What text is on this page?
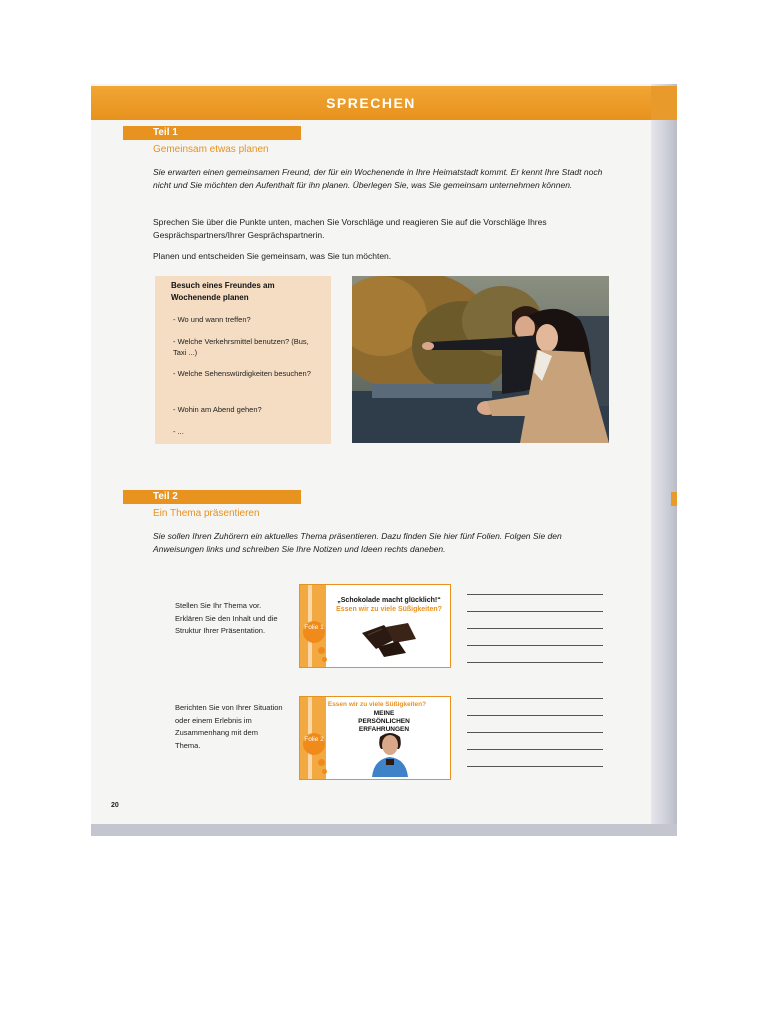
SPRECHEN
Teil 1
Gemeinsam etwas planen

Sie erwarten einen gemeinsamen Freund, der für ein Wochenende in Ihre Heimatstadt kommt. Er kennt Ihre Stadt noch nicht und Sie möchten den Aufenthalt für ihn planen. Überlegen Sie, was Sie gemeinsam unternehmen können.

Sprechen Sie über die Punkte unten, machen Sie Vorschläge und reagieren Sie auf die Vorschläge Ihres Gesprächspartners/Ihrer Gesprächspartnerin.

Planen und entscheiden Sie gemeinsam, was Sie tun möchten.

Besuch eines Freundes am Wochenende planen
- Wo und wann treffen?
- Welche Verkehrsmittel benutzen? (Bus, Taxi ...)
- Welche Sehenswürdigkeiten besuchen?
- Wohin am Abend gehen?
- ...
Teil 2
Ein Thema präsentieren

Sie sollen Ihren Zuhörern ein aktuelles Thema präsentieren. Dazu finden Sie hier fünf Folien. Folgen Sie den Anweisungen links und schreiben Sie Ihre Notizen und Ideen rechts daneben.

Stellen Sie Ihr Thema vor. Erklären Sie den Inhalt und die Struktur Ihrer Präsentation.
Berichten Sie von Ihrer Situation oder einem Erlebnis im Zusammenhang mit dem Thema.
Folie 1
„Schokolade macht glücklich!“
Essen wir zu viele Süßigkeiten?
Folie 2
Essen wir zu viele Süßigkeiten?
MEINE PERSÖNLICHEN ERFAHRUNGEN
20
